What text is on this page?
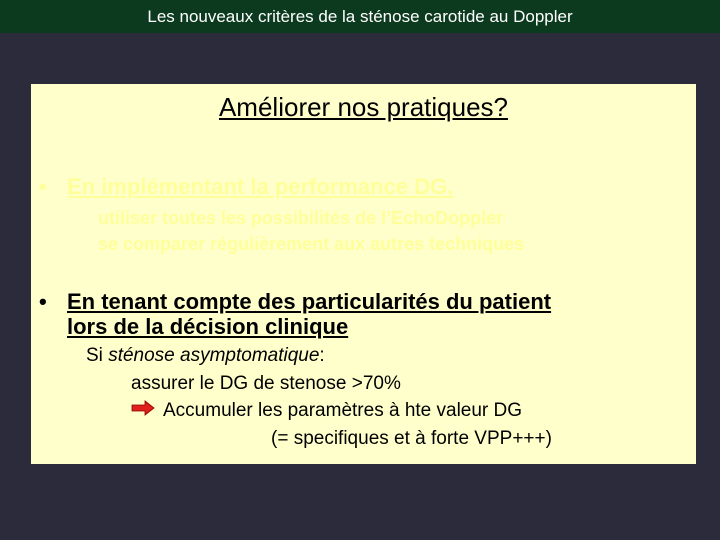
Les nouveaux critères de la sténose carotide au Doppler
Améliorer nos pratiques?
• En implémentant la performance DG.
utiliser toutes les possibilités de l’EchoDoppler
se comparer régulièrement aux autres techniques
• En tenant compte des particularités du patient
lors de la décision clinique
Si sténose asymptomatique:
assurer le DG de stenose >70%
Accumuler les paramètres à hte valeur DG
(= specifiques et à forte VPP+++)
